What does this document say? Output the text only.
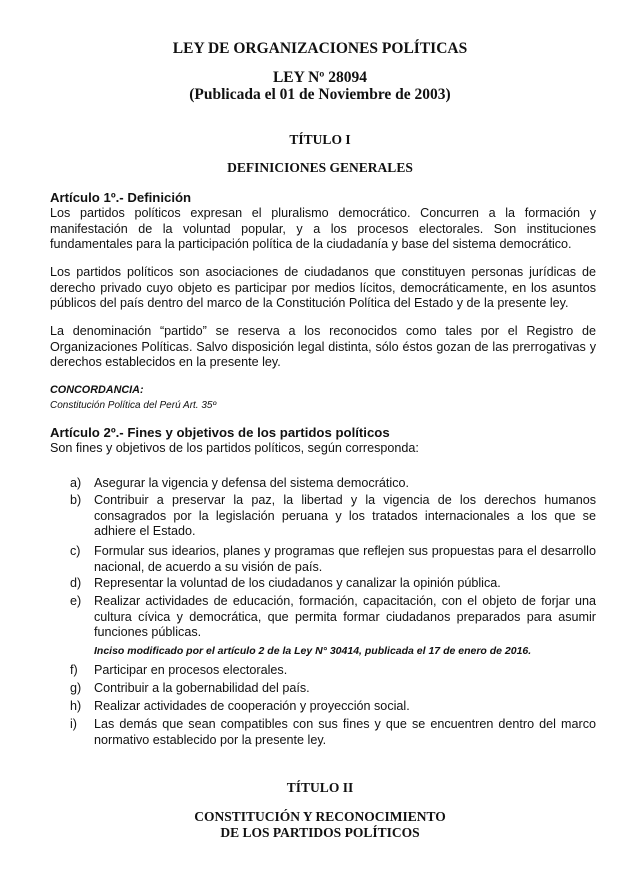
LEY DE ORGANIZACIONES POLÍTICAS
LEY Nº 28094
(Publicada el 01 de Noviembre de 2003)
TÍTULO I
DEFINICIONES GENERALES
Artículo 1º.- Definición
Los partidos políticos expresan el pluralismo democrático. Concurren a la formación y manifestación de la voluntad popular, y a los procesos electorales. Son instituciones fundamentales para la participación política de la ciudadanía y base del sistema democrático.
Los partidos políticos son asociaciones de ciudadanos que constituyen personas jurídicas de derecho privado cuyo objeto es participar por medios lícitos, democráticamente, en los asuntos públicos del país dentro del marco de la Constitución Política del Estado y de la presente ley.
La denominación “partido” se reserva a los reconocidos como tales por el Registro de Organizaciones Políticas. Salvo disposición legal distinta, sólo éstos gozan de las prerrogativas y derechos establecidos en la presente ley.
CONCORDANCIA:
Constitución Política del Perú Art. 35º
Artículo 2º.- Fines y objetivos de los partidos políticos
Son fines y objetivos de los partidos políticos, según corresponda:
a)	Asegurar la vigencia y defensa del sistema democrático.
b)	Contribuir a preservar la paz, la libertad y la vigencia de los derechos humanos consagrados por la legislación peruana y los tratados internacionales a los que se adhiere el Estado.
c)	Formular sus idearios, planes y programas que reflejen sus propuestas para el desarrollo nacional, de acuerdo a su visión de país.
d)	Representar la voluntad de los ciudadanos y canalizar la opinión pública.
e)	Realizar actividades de educación, formación, capacitación, con el objeto de forjar una cultura cívica y democrática, que permita formar ciudadanos preparados para asumir funciones públicas.
Inciso modificado por el artículo 2 de la Ley N° 30414, publicada el 17 de enero de 2016.
f)	Participar en procesos electorales.
g)	Contribuir a la gobernabilidad del país.
h)	Realizar actividades de cooperación y proyección social.
i)	Las demás que sean compatibles con sus fines y que se encuentren dentro del marco normativo establecido por la presente ley.
TÍTULO II
CONSTITUCIÓN Y RECONOCIMIENTO
DE LOS PARTIDOS POLÍTICOS
